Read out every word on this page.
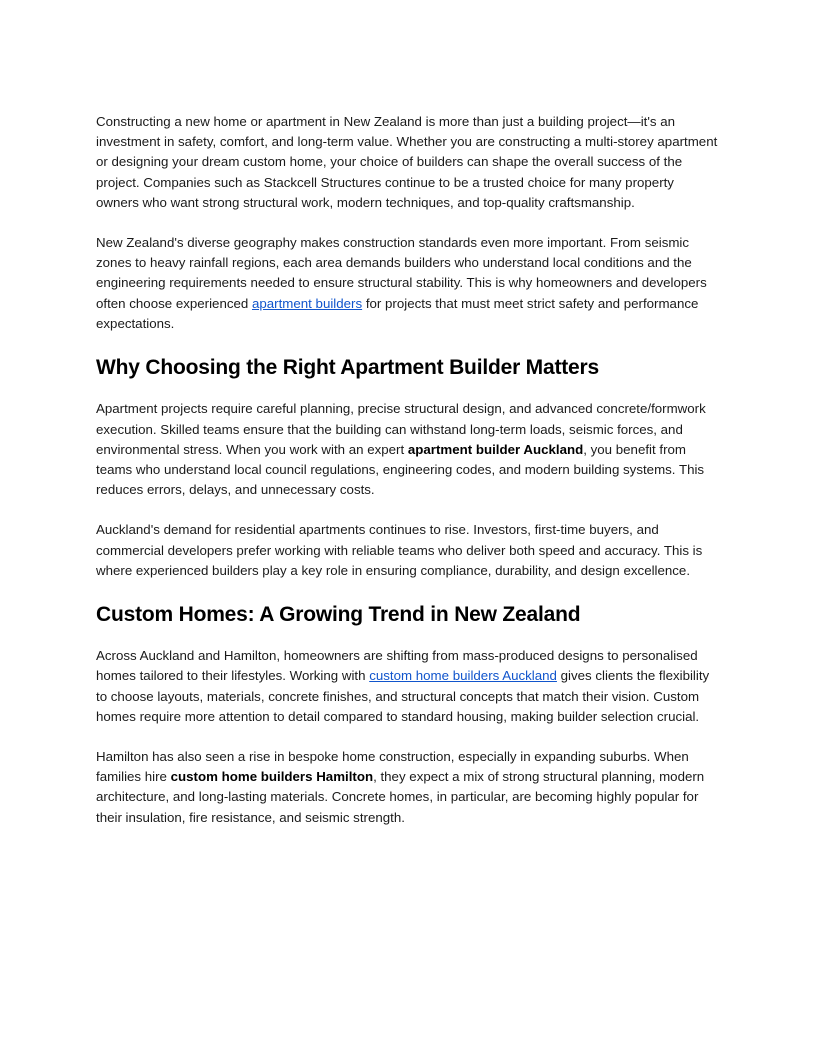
Constructing a new home or apartment in New Zealand is more than just a building project—it's an investment in safety, comfort, and long-term value. Whether you are constructing a multi-storey apartment or designing your dream custom home, your choice of builders can shape the overall success of the project. Companies such as Stackcell Structures continue to be a trusted choice for many property owners who want strong structural work, modern techniques, and top-quality craftsmanship.

New Zealand's diverse geography makes construction standards even more important. From seismic zones to heavy rainfall regions, each area demands builders who understand local conditions and the engineering requirements needed to ensure structural stability. This is why homeowners and developers often choose experienced apartment builders for projects that must meet strict safety and performance expectations.

Why Choosing the Right Apartment Builder Matters

Apartment projects require careful planning, precise structural design, and advanced concrete/formwork execution. Skilled teams ensure that the building can withstand long-term loads, seismic forces, and environmental stress. When you work with an expert apartment builder Auckland, you benefit from teams who understand local council regulations, engineering codes, and modern building systems. This reduces errors, delays, and unnecessary costs.

Auckland's demand for residential apartments continues to rise. Investors, first-time buyers, and commercial developers prefer working with reliable teams who deliver both speed and accuracy. This is where experienced builders play a key role in ensuring compliance, durability, and design excellence.

Custom Homes: A Growing Trend in New Zealand

Across Auckland and Hamilton, homeowners are shifting from mass-produced designs to personalised homes tailored to their lifestyles. Working with custom home builders Auckland gives clients the flexibility to choose layouts, materials, concrete finishes, and structural concepts that match their vision. Custom homes require more attention to detail compared to standard housing, making builder selection crucial.

Hamilton has also seen a rise in bespoke home construction, especially in expanding suburbs. When families hire custom home builders Hamilton, they expect a mix of strong structural planning, modern architecture, and long-lasting materials. Concrete homes, in particular, are becoming highly popular for their insulation, fire resistance, and seismic strength.
